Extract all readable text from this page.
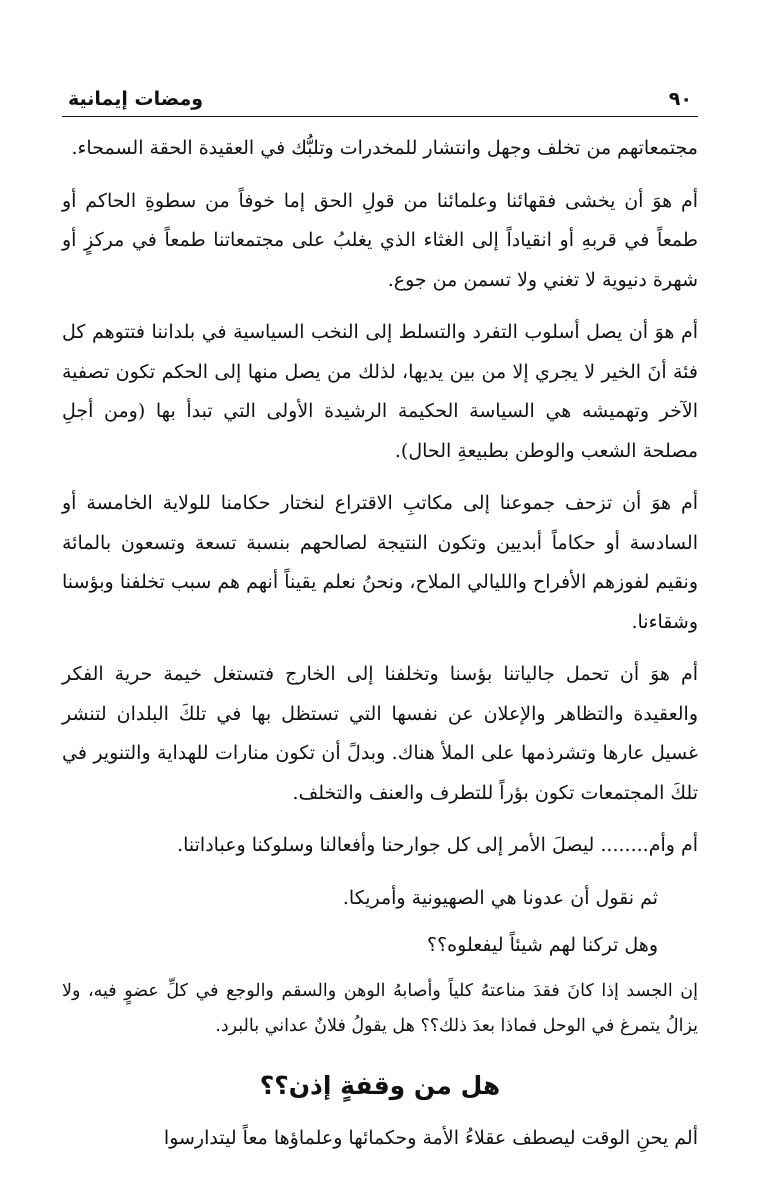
٩٠
ومضات إيمانية

مجتمعاتهم من تخلف وجهل وانتشار للمخدرات وتلبُّك في العقيدة الحقة السمحاء.

أم هوَ أن يخشى فقهائنا وعلمائنا من قولِ الحق إما خوفاً من سطوةِ الحاكم أو طمعاً في قربهِ أو انقياداً إلى الغثاء الذي يغلبُ على مجتمعاتنا طمعاً في مركزٍ أو شهرة دنيوية لا تغني ولا تسمن من جوع.

أم هوَ أن يصل أسلوب التفرد والتسلط إلى النخب السياسية في بلداننا فتتوهم كل فئة أنَ الخير لا يجري إلا من بين يديها، لذلك من يصل منها إلى الحكم تكون تصفية الآخر وتهميشه هي السياسة الحكيمة الرشيدة الأولى التي تبدأ بها (ومن أجلِ مصلحة الشعب والوطن بطبيعةِ الحال).

أم هوَ أن تزحف جموعنا إلى مكاتبِ الاقتراع لنختار حكامنا للولاية الخامسة أو السادسة أو حكاماً أبديين وتكون النتيجة لصالحهم بنسبة تسعة وتسعون بالمائة ونقيم لفوزهم الأفراح والليالي الملاح، ونحنُ نعلم يقيناً أنهم هم سبب تخلفنا وبؤسنا وشقاءنا.

أم هوَ أن تحمل جالياتنا بؤسنا وتخلفنا إلى الخارج فتستغل خيمة حرية الفكر والعقيدة والتظاهر والإعلان عن نفسها التي تستظل بها في تلكَ البلدان لتنشر غسيل عارها وتشرذمها على الملأ هناك. وبدلً أن تكون منارات للهداية والتنوير في تلكَ المجتمعات تكون بؤراً للتطرف والعنف والتخلف.

أم وأم........ ليصلَ الأمر إلى كل جوارحنا وأفعالنا وسلوكنا وعباداتنا.

ثم نقول أن عدونا هي الصهيونية وأمريكا.

وهل تركنا لهم شيئاً ليفعلوه؟؟

إن الجسد إذا كانَ فقدَ مناعتهُ كلياً وأصابهُ الوهن والسقم والوجع في كلِّ عضوٍ فيه، ولا يزالُ يتمرغ في الوحل فماذا بعدَ ذلك؟؟ هل يقولُ فلانٌ عداني بالبرد.

هل من وقفةٍ إذن؟؟

ألم يحنِ الوقت ليصطف عقلاءُ الأمة وحكمائها وعلماؤها معاً ليتدارسوا
